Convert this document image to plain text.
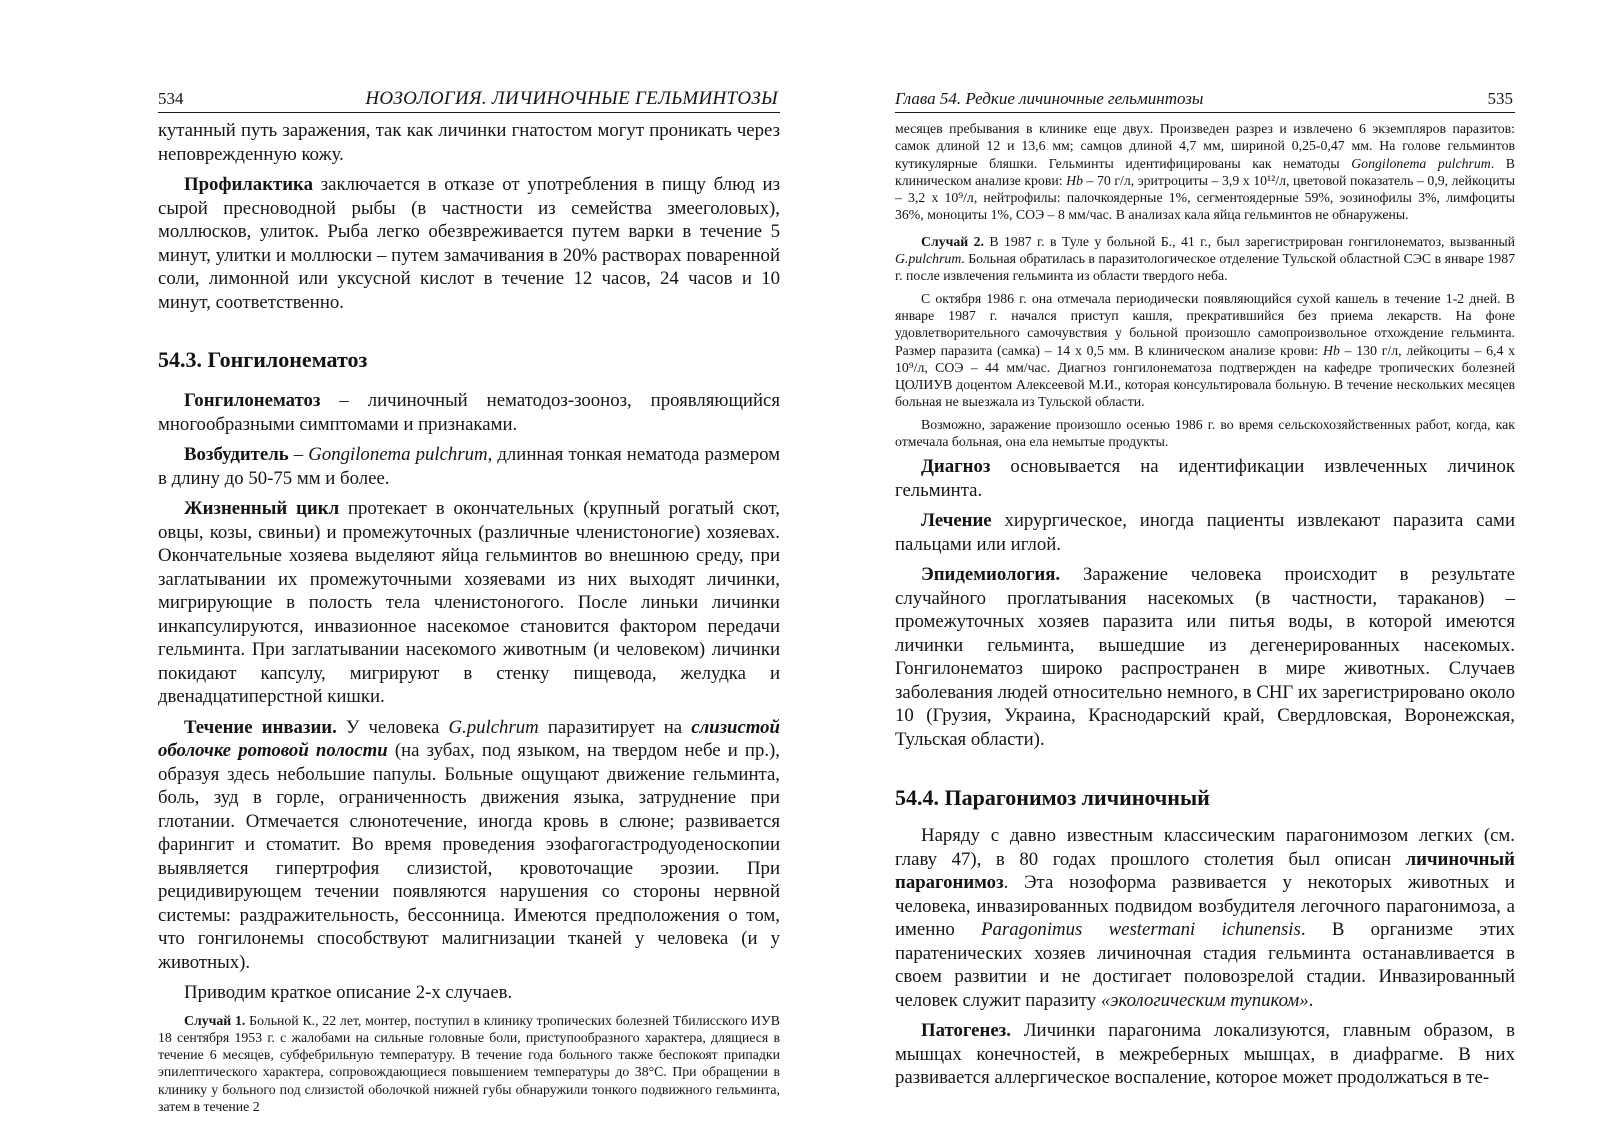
534	НОЗОЛОГИЯ. ЛИЧИНОЧНЫЕ ГЕЛЬМИНТОЗЫ

кутанный путь заражения, так как личинки гнатостом могут проникать через неповрежденную кожу.

Профилактика заключается в отказе от употребления в пищу блюд из сырой пресноводной рыбы (в частности из семейства змееголовых), моллюсков, улиток. Рыба легко обезвреживается путем варки в течение 5 минут, улитки и моллюски – путем замачивания в 20% растворах поваренной соли, лимонной или уксусной кислот в течение 12 часов, 24 часов и 10 минут, соответственно.

54.3. Гонгилонематоз

Гонгилонематоз – личиночный нематодоз-зооноз, проявляющийся многообразными симптомами и признаками.

Возбудитель – Gongilonema pulchrum, длинная тонкая нематода размером в длину до 50-75 мм и более.

Жизненный цикл протекает в окончательных (крупный рогатый скот, овцы, козы, свиньи) и промежуточных (различные членистоногие) хозяевах. Окончательные хозяева выделяют яйца гельминтов во внешнюю среду, при заглатывании их промежуточными хозяевами из них выходят личинки, мигрирующие в полость тела членистоногого. После линьки личинки инкапсулируются, инвазионное насекомое становится фактором передачи гельминта. При заглатывании насекомого животным (и человеком) личинки покидают капсулу, мигрируют в стенку пищевода, желудка и двенадцатиперстной кишки.

Течение инвазии. У человека G.pulchrum паразитирует на слизистой оболочке ротовой полости (на зубах, под языком, на твердом небе и пр.), образуя здесь небольшие папулы. Больные ощущают движение гельминта, боль, зуд в горле, ограниченность движения языка, затруднение при глотании. Отмечается слюнотечение, иногда кровь в слюне; развивается фарингит и стоматит. Во время проведения эзофагогастродуоденоскопии выявляется гипертрофия слизистой, кровоточащие эрозии. При рецидивирующем течении появляются нарушения со стороны нервной системы: раздражительность, бессонница. Имеются предположения о том, что гонгилонемы способствуют малигнизации тканей у человека (и у животных).

Приводим краткое описание 2-х случаев.

Случай 1. Больной К., 22 лет, монтер, поступил в клинику тропических болезней Тбилисского ИУВ 18 сентября 1953 г. с жалобами на сильные головные боли, приступообразного характера, длящиеся в течение 6 месяцев, субфебрильную температуру. В течение года больного также беспокоят припадки эпилептического характера, сопровождающиеся повышением температуры до 38°С. При обращении в клинику у больного под слизистой оболочкой нижней губы обнаружили тонкого подвижного гельминта, затем в течение 2

Глава 54. Редкие личиночные гельминтозы	535

месяцев пребывания в клинике еще двух. Произведен разрез и извлечено 6 экземпляров паразитов: самок длиной 12 и 13,6 мм; самцов длиной 4,7 мм, шириной 0,25-0,47 мм. На голове гельминтов кутикулярные бляшки. Гельминты идентифицированы как нематоды Gongilonema pulchrum. В клиническом анализе крови: Hb – 70 г/л, эритроциты – 3,9 х 10¹²/л, цветовой показатель – 0,9, лейкоциты – 3,2 х 10⁹/л, нейтрофилы: палочкоядерные 1%, сегментоядерные 59%, эозинофилы 3%, лимфоциты 36%, моноциты 1%, СОЭ – 8 мм/час. В анализах кала яйца гельминтов не обнаружены.

Случай 2. В 1987 г. в Туле у больной Б., 41 г., был зарегистрирован гонгилонематоз, вызванный G.pulchrum. Больная обратилась в паразитологическое отделение Тульской областной СЭС в январе 1987 г. после извлечения гельминта из области твердого неба.

С октября 1986 г. она отмечала периодически появляющийся сухой кашель в течение 1-2 дней. В январе 1987 г. начался приступ кашля, прекратившийся без приема лекарств. На фоне удовлетворительного самочувствия у больной произошло самопроизвольное отхождение гельминта. Размер паразита (самка) – 14 х 0,5 мм. В клиническом анализе крови: Hb – 130 г/л, лейкоциты – 6,4 х 10⁹/л, СОЭ – 44 мм/час. Диагноз гонгилонематоза подтвержден на кафедре тропических болезней ЦОЛИУВ доцентом Алексеевой М.И., которая консультировала больную. В течение нескольких месяцев больная не выезжала из Тульской области.

Возможно, заражение произошло осенью 1986 г. во время сельскохозяйственных работ, когда, как отмечала больная, она ела немытые продукты.

Диагноз основывается на идентификации извлеченных личинок гельминта.

Лечение хирургическое, иногда пациенты извлекают паразита сами пальцами или иглой.

Эпидемиология. Заражение человека происходит в результате случайного проглатывания насекомых (в частности, тараканов) – промежуточных хозяев паразита или питья воды, в которой имеются личинки гельминта, вышедшие из дегенерированных насекомых. Гонгилонематоз широко распространен в мире животных. Случаев заболевания людей относительно немного, в СНГ их зарегистрировано около 10 (Грузия, Украина, Краснодарский край, Свердловская, Воронежская, Тульская области).

54.4. Парагонимоз личиночный

Наряду с давно известным классическим парагонимозом легких (см. главу 47), в 80 годах прошлого столетия был описан личиночный парагонимоз. Эта нозоформа развивается у некоторых животных и человека, инвазированных подвидом возбудителя легочного парагонимоза, а именно Paragonimus westermani ichunensis. В организме этих паратенических хозяев личиночная стадия гельминта останавливается в своем развитии и не достигает половозрелой стадии. Инвазированный человек служит паразиту «экологическим тупиком».

Патогенез. Личинки парагонима локализуются, главным образом, в мышцах конечностей, в межреберных мышцах, в диафрагме. В них развивается аллергическое воспаление, которое может продолжаться в те-
